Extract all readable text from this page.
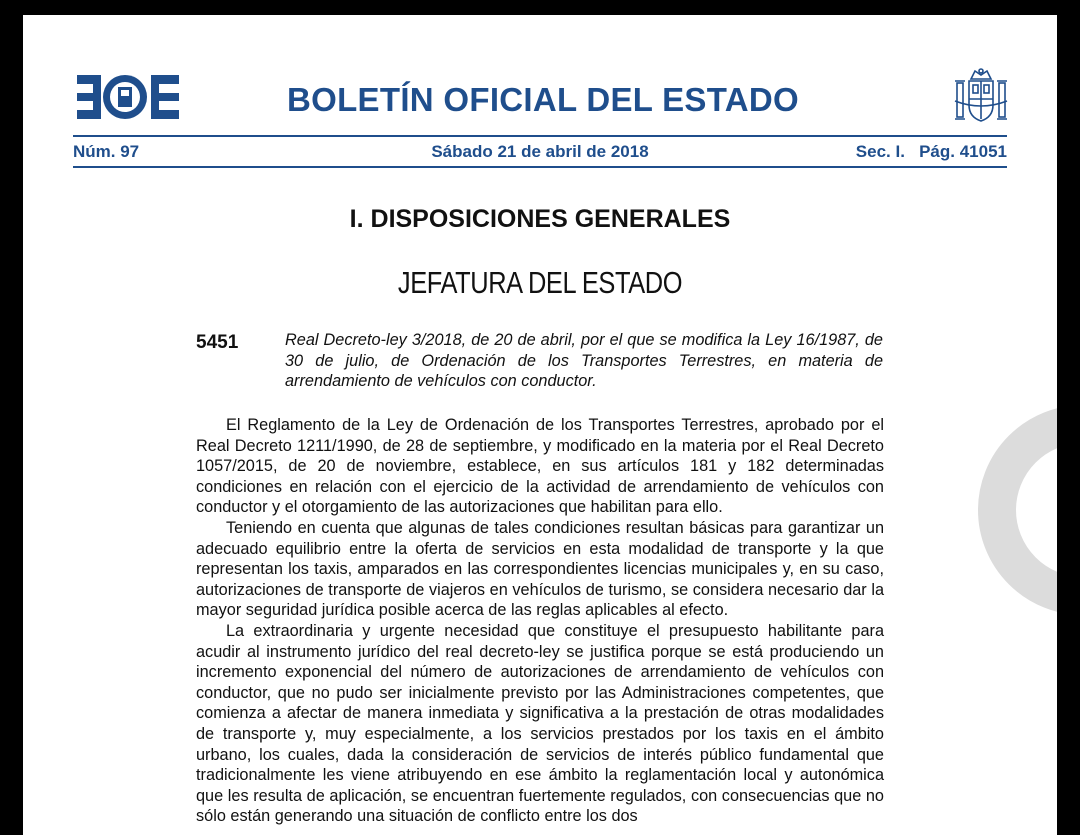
BOLETÍN OFICIAL DEL ESTADO
Núm. 97	Sábado 21 de abril de 2018	Sec. I.   Pág. 41051
I. DISPOSICIONES GENERALES
JEFATURA DEL ESTADO
5451	Real Decreto-ley 3/2018, de 20 de abril, por el que se modifica la Ley 16/1987, de 30 de julio, de Ordenación de los Transportes Terrestres, en materia de arrendamiento de vehículos con conductor.

El Reglamento de la Ley de Ordenación de los Transportes Terrestres, aprobado por el Real Decreto 1211/1990, de 28 de septiembre, y modificado en la materia por el Real Decreto 1057/2015, de 20 de noviembre, establece, en sus artículos 181 y 182 determinadas condiciones en relación con el ejercicio de la actividad de arrendamiento de vehículos con conductor y el otorgamiento de las autorizaciones que habilitan para ello.

Teniendo en cuenta que algunas de tales condiciones resultan básicas para garantizar un adecuado equilibrio entre la oferta de servicios en esta modalidad de transporte y la que representan los taxis, amparados en las correspondientes licencias municipales y, en su caso, autorizaciones de transporte de viajeros en vehículos de turismo, se considera necesario dar la mayor seguridad jurídica posible acerca de las reglas aplicables al efecto.

La extraordinaria y urgente necesidad que constituye el presupuesto habilitante para acudir al instrumento jurídico del real decreto-ley se justifica porque se está produciendo un incremento exponencial del número de autorizaciones de arrendamiento de vehículos con conductor, que no pudo ser inicialmente previsto por las Administraciones competentes, que comienza a afectar de manera inmediata y significativa a la prestación de otras modalidades de transporte y, muy especialmente, a los servicios prestados por los taxis en el ámbito urbano, los cuales, dada la consideración de servicios de interés público fundamental que tradicionalmente les viene atribuyendo en ese ámbito la reglamentación local y autonómica que les resulta de aplicación, se encuentran fuertemente regulados, con consecuencias que no sólo están generando una situación de conflicto entre los dos
